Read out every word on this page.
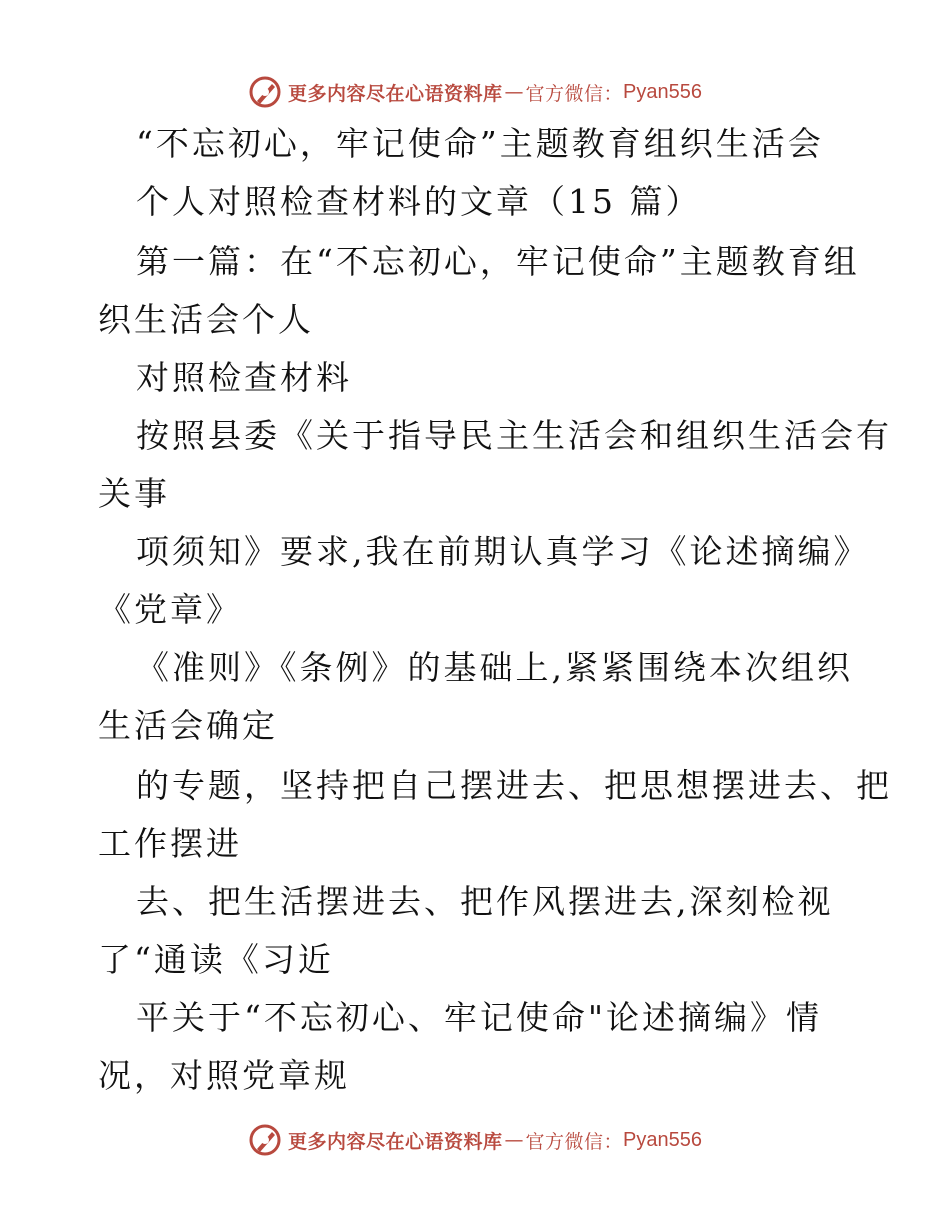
更多内容尽在心语资料库 — 官方微信： Pyan556
“不忘初心，牢记使命”主题教育组织生活会
个人对照检查材料的文章（15 篇）
第一篇：在“不忘初心，牢记使命”主题教育组
织生活会个人
对照检查材料
按照县委《关于指导民主生活会和组织生活会有
关事
项须知》要求,我在前期认真学习《论述摘编》
《党章》
《准则》《条例》的基础上,紧紧围绕本次组织
生活会确定
的专题，坚持把自己摆进去、把思想摆进去、把
工作摆进
去、把生活摆进去、把作风摆进去,深刻检视
了“通读《习近
平关于“不忘初心、牢记使命"论述摘编》情
况，对照党章规
更多内容尽在心语资料库 — 官方微信： Pyan556
